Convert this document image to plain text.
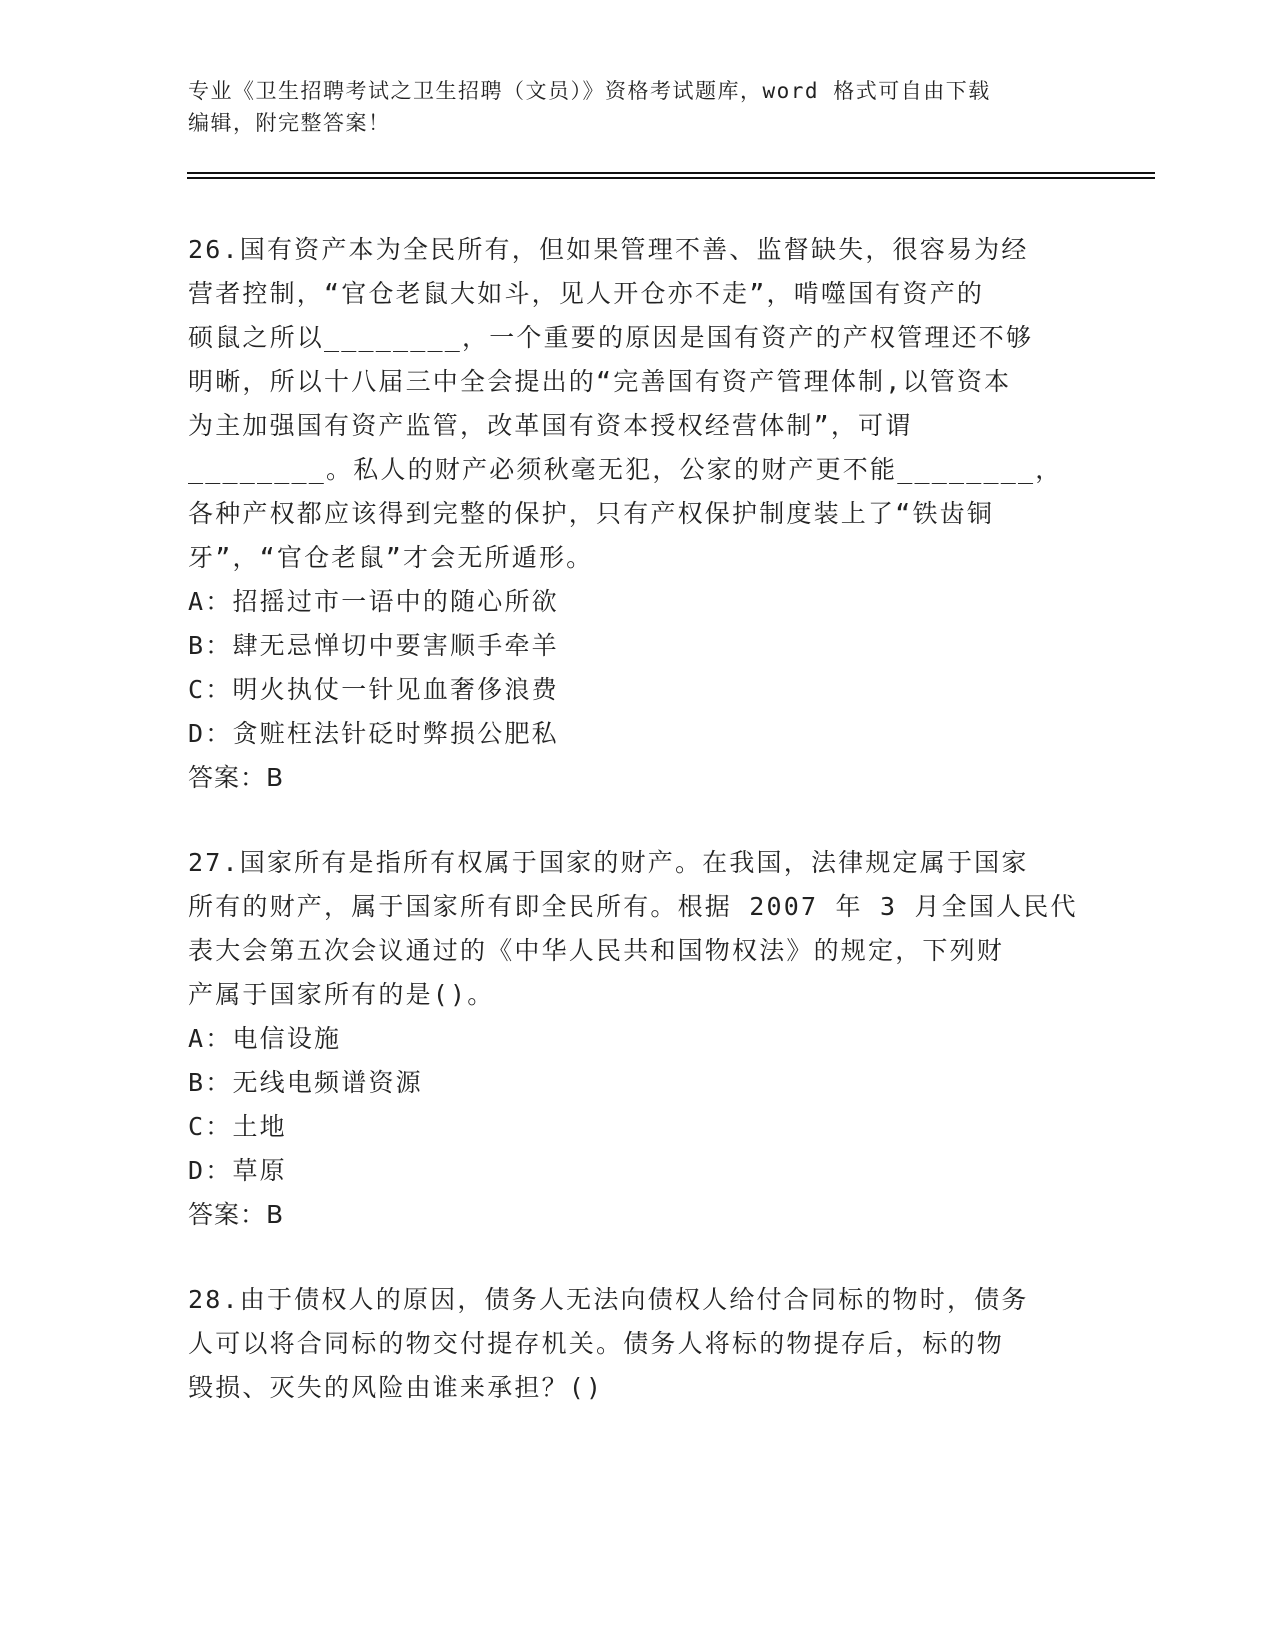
专业《卫生招聘考试之卫生招聘（文员）》资格考试题库，word 格式可自由下载
编辑，附完整答案！
26.国有资产本为全民所有，但如果管理不善、监督缺失，很容易为经
营者控制，“官仓老鼠大如斗，见人开仓亦不走”，啃噬国有资产的
硕鼠之所以________，一个重要的原因是国有资产的产权管理还不够
明晰，所以十八届三中全会提出的“完善国有资产管理体制,以管资本
为主加强国有资产监管，改革国有资本授权经营体制”，可谓
________。私人的财产必须秋毫无犯，公家的财产更不能________，
各种产权都应该得到完整的保护，只有产权保护制度装上了“铁齿铜
牙”，“官仓老鼠”才会无所遁形。
A：招摇过市一语中的随心所欲
B：肆无忌惮切中要害顺手牵羊
C：明火执仗一针见血奢侈浪费
D：贪赃枉法针砭时弊损公肥私
答案：B
27.国家所有是指所有权属于国家的财产。在我国，法律规定属于国家
所有的财产，属于国家所有即全民所有。根据 2007 年 3 月全国人民代
表大会第五次会议通过的《中华人民共和国物权法》的规定，下列财
产属于国家所有的是()。
A：电信设施
B：无线电频谱资源
C：土地
D：草原
答案：B
28.由于债权人的原因，债务人无法向债权人给付合同标的物时，债务
人可以将合同标的物交付提存机关。债务人将标的物提存后，标的物
毁损、灭失的风险由谁来承担？()
